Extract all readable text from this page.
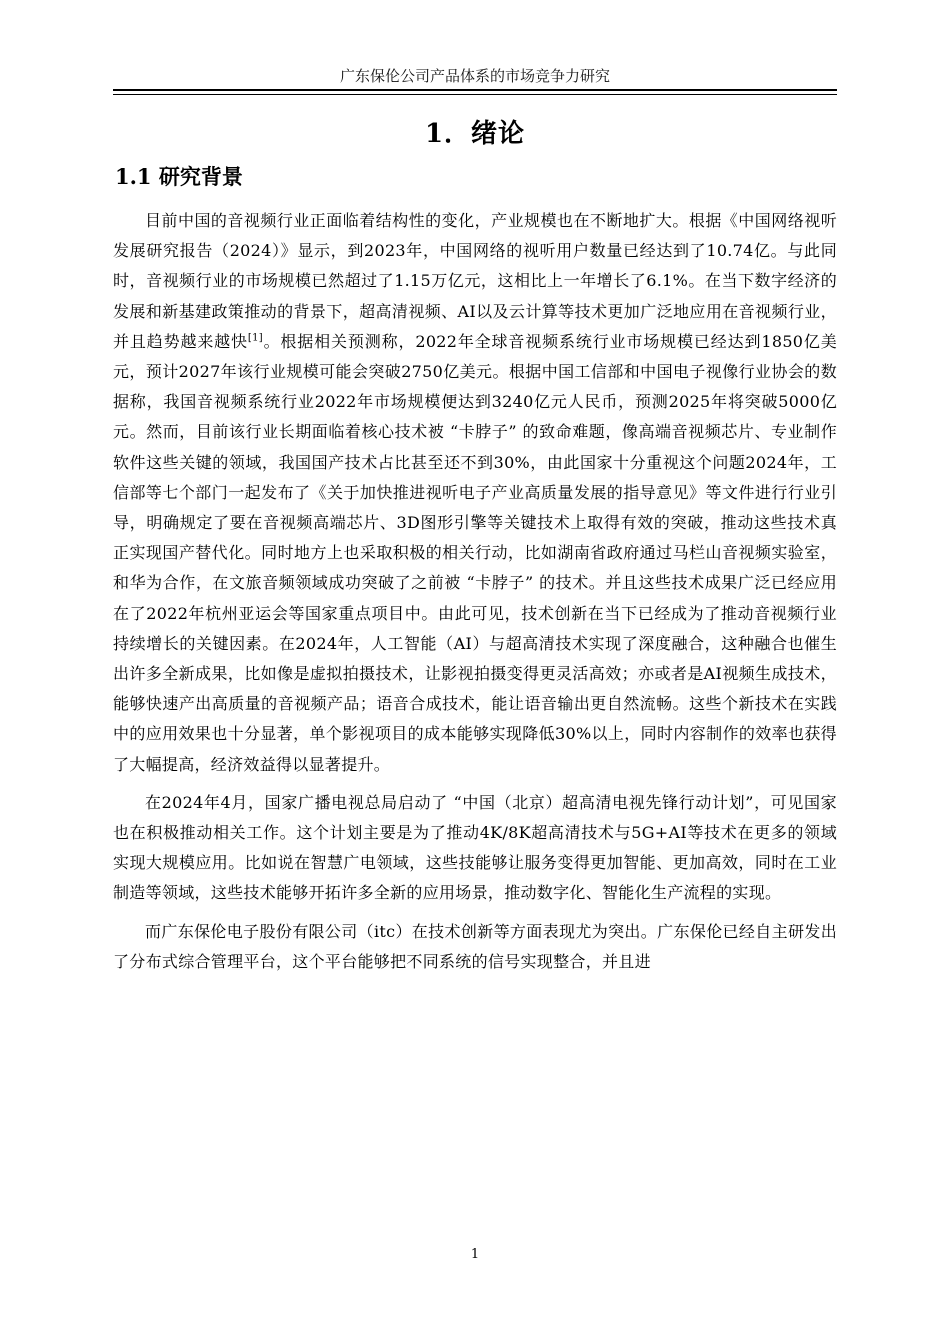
广东保伦公司产品体系的市场竞争力研究
1．绪论
1.1 研究背景

目前中国的音视频行业正面临着结构性的变化，产业规模也在不断地扩大。根据《中国网络视听发展研究报告（2024）》显示，到2023年，中国网络的视听用户数量已经达到了10.74亿。与此同时，音视频行业的市场规模已然超过了1.15万亿元，这相比上一年增长了6.1%。在当下数字经济的发展和新基建政策推动的背景下，超高清视频、AI以及云计算等技术更加广泛地应用在音视频行业，并且趋势越来越快[1]。根据相关预测称，2022年全球音视频系统行业市场规模已经达到1850亿美元，预计2027年该行业规模可能会突破2750亿美元。根据中国工信部和中国电子视像行业协会的数据称，我国音视频系统行业2022年市场规模便达到3240亿元人民币，预测2025年将突破5000亿元。然而，目前该行业长期面临着核心技术被 “卡脖子” 的致命难题，像高端音视频芯片、专业制作软件这些关键的领域，我国国产技术占比甚至还不到30%，由此国家十分重视这个问题2024年，工信部等七个部门一起发布了《关于加快推进视听电子产业高质量发展的指导意见》等文件进行行业引导，明确规定了要在音视频高端芯片、3D图形引擎等关键技术上取得有效的突破，推动这些技术真正实现国产替代化。同时地方上也采取积极的相关行动，比如湖南省政府通过马栏山音视频实验室，和华为合作，在文旅音频领域成功突破了之前被 “卡脖子” 的技术。并且这些技术成果广泛已经应用在了2022年杭州亚运会等国家重点项目中。由此可见，技术创新在当下已经成为了推动音视频行业持续增长的关键因素。在2024年，人工智能（AI）与超高清技术实现了深度融合，这种融合也催生出许多全新成果，比如像是虚拟拍摄技术，让影视拍摄变得更灵活高效；亦或者是AI视频生成技术，能够快速产出高质量的音视频产品；语音合成技术，能让语音输出更自然流畅。这些个新技术在实践中的应用效果也十分显著，单个影视项目的成本能够实现降低30%以上，同时内容制作的效率也获得了大幅提高，经济效益得以显著提升。

在2024年4月，国家广播电视总局启动了 “中国（北京）超高清电视先锋行动计划”，可见国家也在积极推动相关工作。这个计划主要是为了推动4K/8K超高清技术与5G+AI等技术在更多的领域实现大规模应用。比如说在智慧广电领域，这些技能够让服务变得更加智能、更加高效，同时在工业制造等领域，这些技术能够开拓许多全新的应用场景，推动数字化、智能化生产流程的实现。

而广东保伦电子股份有限公司（itc）在技术创新等方面表现尤为突出。广东保伦已经自主研发出了分布式综合管理平台，这个平台能够把不同系统的信号实现整合，并且进

1
